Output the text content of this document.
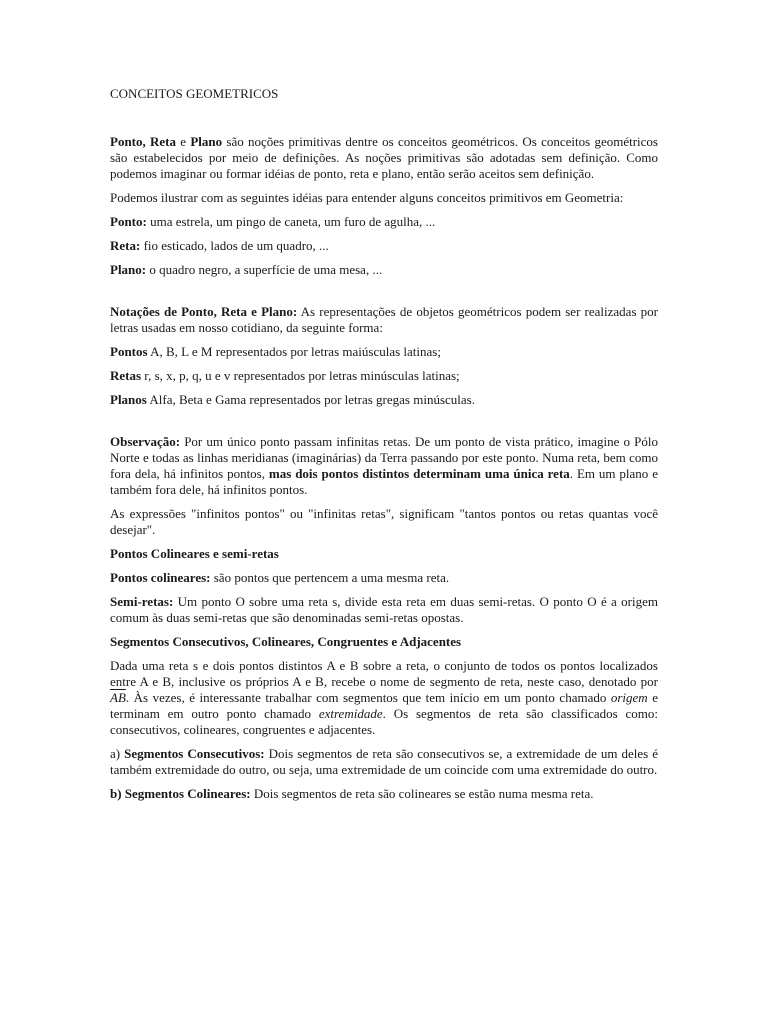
CONCEITOS GEOMETRICOS

Ponto, Reta e Plano são noções primitivas dentre os conceitos geométricos. Os conceitos geométricos são estabelecidos por meio de definições. As noções primitivas são adotadas sem definição. Como podemos imaginar ou formar idéias de ponto, reta e plano, então serão aceitos sem definição.

Podemos ilustrar com as seguintes idéias para entender alguns conceitos primitivos em Geometria:

Ponto: uma estrela, um pingo de caneta, um furo de agulha, ...

Reta: fio esticado, lados de um quadro, ...

Plano: o quadro negro, a superfície de uma mesa, ...

Notações de Ponto, Reta e Plano: As representações de objetos geométricos podem ser realizadas por letras usadas em nosso cotidiano, da seguinte forma:

Pontos A, B, L e M representados por letras maiúsculas latinas;

Retas r, s, x, p, q, u e v representados por letras minúsculas latinas;

Planos Alfa, Beta e Gama representados por letras gregas minúsculas.

Observação: Por um único ponto passam infinitas retas. De um ponto de vista prático, imagine o Pólo Norte e todas as linhas meridianas (imaginárias) da Terra passando por este ponto. Numa reta, bem como fora dela, há infinitos pontos, mas dois pontos distintos determinam uma única reta. Em um plano e também fora dele, há infinitos pontos.

As expressões "infinitos pontos" ou "infinitas retas", significam "tantos pontos ou retas quantas você desejar".

Pontos Colineares e semi-retas

Pontos colineares: são pontos que pertencem a uma mesma reta.

Semi-retas: Um ponto O sobre uma reta s, divide esta reta em duas semi-retas. O ponto O é a origem comum às duas semi-retas que são denominadas semi-retas opostas.

Segmentos Consecutivos, Colineares, Congruentes e Adjacentes

Dada uma reta s e dois pontos distintos A e B sobre a reta, o conjunto de todos os pontos localizados entre A e B, inclusive os próprios A e B, recebe o nome de segmento de reta, neste caso, denotado por $\overline{AB}$. Às vezes, é interessante trabalhar com segmentos que tem início em um ponto chamado origem e terminam em outro ponto chamado extremidade. Os segmentos de reta são classificados como: consecutivos, colineares, congruentes e adjacentes.

a) Segmentos Consecutivos: Dois segmentos de reta são consecutivos se, a extremidade de um deles é também extremidade do outro, ou seja, uma extremidade de um coincide com uma extremidade do outro.

b) Segmentos Colineares: Dois segmentos de reta são colineares se estão numa mesma reta.
